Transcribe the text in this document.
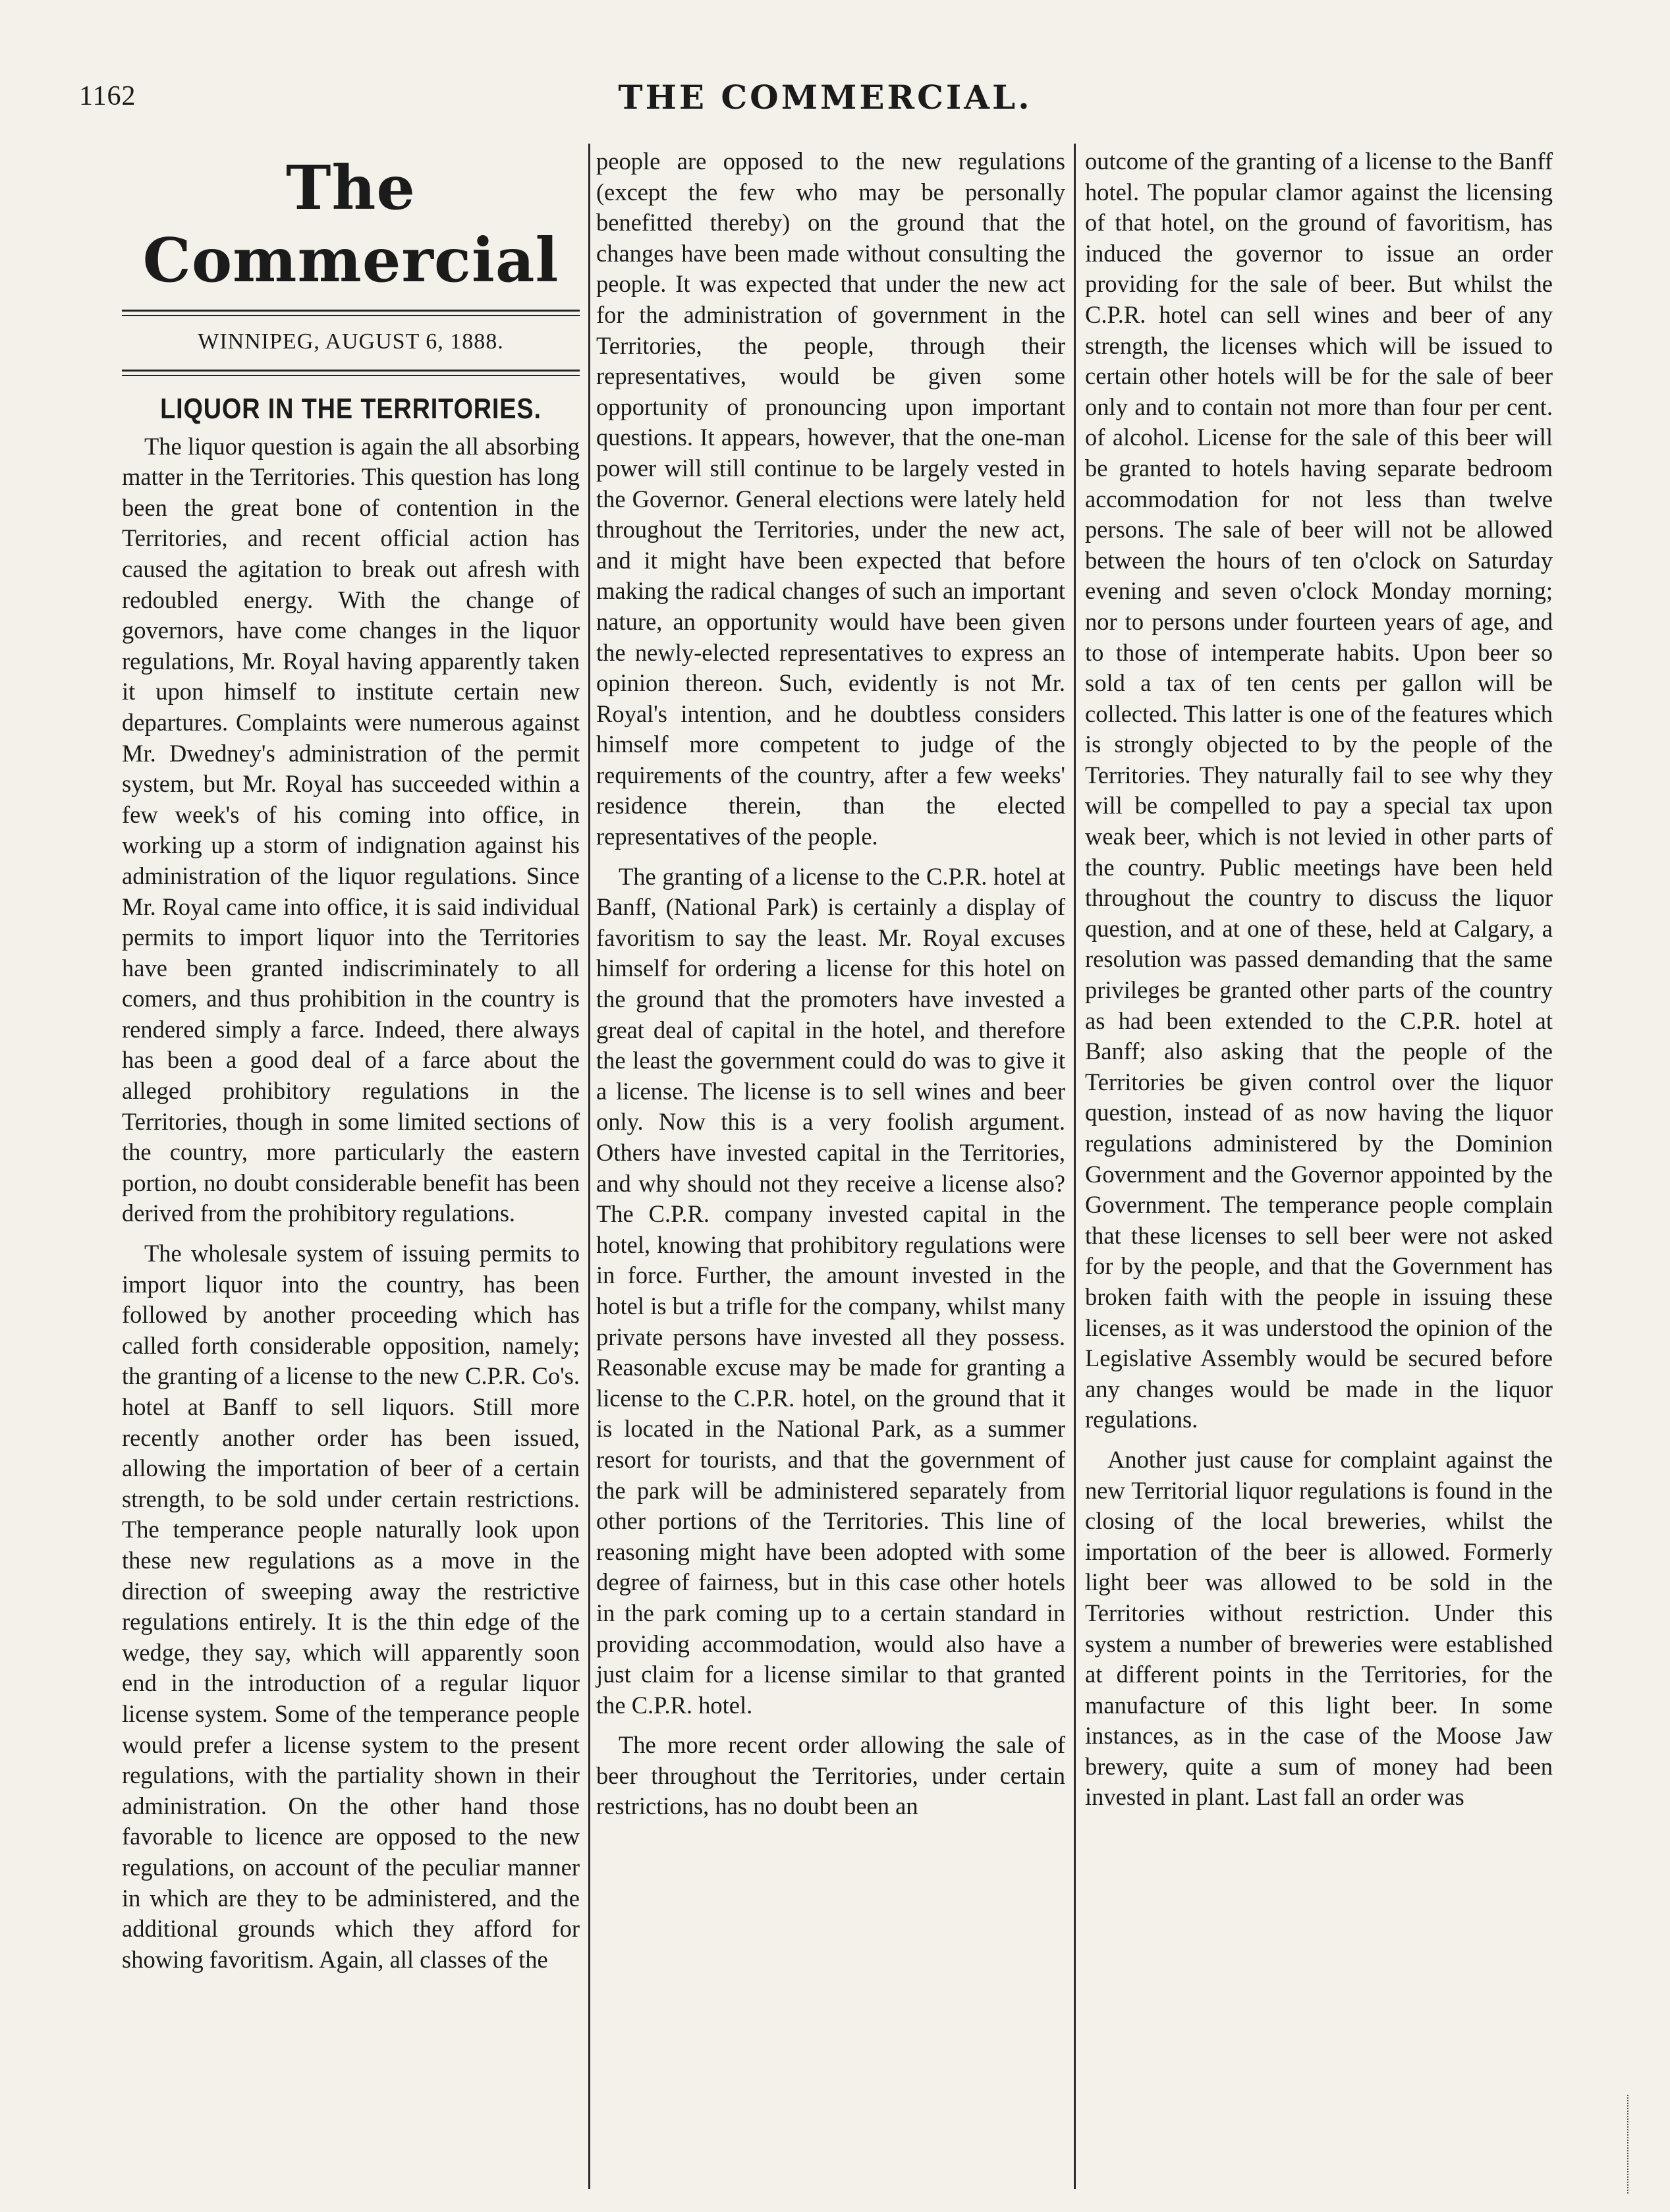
1162	THE COMMERCIAL.
The Commercial
WINNIPEG, AUGUST 6, 1888.
LIQUOR IN THE TERRITORIES.

The liquor question is again the all absorbing matter in the Territories. This question has long been the great bone of contention in the Territories, and recent official action has caused the agitation to break out afresh with redoubled energy. With the change of governors, have come changes in the liquor regulations, Mr. Royal having apparently taken it upon himself to institute certain new departures. Complaints were numerous against Mr. Dwedney's administration of the permit system, but Mr. Royal has succeeded within a few week's of his coming into office, in working up a storm of indignation against his administration of the liquor regulations. Since Mr. Royal came into office, it is said individual permits to import liquor into the Territories have been granted indiscriminately to all comers, and thus prohibition in the country is rendered simply a farce. Indeed, there always has been a good deal of a farce about the alleged prohibitory regulations in the Territories, though in some limited sections of the country, more particularly the eastern portion, no doubt considerable benefit has been derived from the prohibitory regulations.

The wholesale system of issuing permits to import liquor into the country, has been followed by another proceeding which has called forth considerable opposition, namely; the granting of a license to the new C.P.R. Co's. hotel at Banff to sell liquors. Still more recently another order has been issued, allowing the importation of beer of a certain strength, to be sold under certain restrictions. The temperance people naturally look upon these new regulations as a move in the direction of sweeping away the restrictive regulations entirely. It is the thin edge of the wedge, they say, which will apparently soon end in the introduction of a regular liquor license system. Some of the temperance people would prefer a license system to the present regulations, with the partiality shown in their administration. On the other hand those favorable to licence are opposed to the new regulations, on account of the peculiar manner in which are they to be administered, and the additional grounds which they afford for showing favoritism. Again, all classes of the

people are opposed to the new regulations (except the few who may be personally benefitted thereby) on the ground that the changes have been made without consulting the people. It was expected that under the new act for the administration of government in the Territories, the people, through their representatives, would be given some opportunity of pronouncing upon important questions. It appears, however, that the one-man power will still continue to be largely vested in the Governor. General elections were lately held throughout the Territories, under the new act, and it might have been expected that before making the radical changes of such an important nature, an opportunity would have been given the newly-elected representatives to express an opinion thereon. Such, evidently is not Mr. Royal's intention, and he doubtless considers himself more competent to judge of the requirements of the country, after a few weeks' residence therein, than the elected representatives of the people.

The granting of a license to the C.P.R. hotel at Banff, (National Park) is certainly a display of favoritism to say the least. Mr. Royal excuses himself for ordering a license for this hotel on the ground that the promoters have invested a great deal of capital in the hotel, and therefore the least the government could do was to give it a license. The license is to sell wines and beer only. Now this is a very foolish argument. Others have invested capital in the Territories, and why should not they receive a license also? The C.P.R. company invested capital in the hotel, knowing that prohibitory regulations were in force. Further, the amount invested in the hotel is but a trifle for the company, whilst many private persons have invested all they possess. Reasonable excuse may be made for granting a license to the C.P.R. hotel, on the ground that it is located in the National Park, as a summer resort for tourists, and that the government of the park will be administered separately from other portions of the Territories. This line of reasoning might have been adopted with some degree of fairness, but in this case other hotels in the park coming up to a certain standard in providing accommodation, would also have a just claim for a license similar to that granted the C.P.R. hotel.

The more recent order allowing the sale of beer throughout the Territories, under certain restrictions, has no doubt been an

outcome of the granting of a license to the Banff hotel. The popular clamor against the licensing of that hotel, on the ground of favoritism, has induced the governor to issue an order providing for the sale of beer. But whilst the C.P.R. hotel can sell wines and beer of any strength, the licenses which will be issued to certain other hotels will be for the sale of beer only and to contain not more than four per cent. of alcohol. License for the sale of this beer will be granted to hotels having separate bedroom accommodation for not less than twelve persons. The sale of beer will not be allowed between the hours of ten o'clock on Saturday evening and seven o'clock Monday morning; nor to persons under fourteen years of age, and to those of intemperate habits. Upon beer so sold a tax of ten cents per gallon will be collected. This latter is one of the features which is strongly objected to by the people of the Territories. They naturally fail to see why they will be compelled to pay a special tax upon weak beer, which is not levied in other parts of the country. Public meetings have been held throughout the country to discuss the liquor question, and at one of these, held at Calgary, a resolution was passed demanding that the same privileges be granted other parts of the country as had been extended to the C.P.R. hotel at Banff; also asking that the people of the Territories be given control over the liquor question, instead of as now having the liquor regulations administered by the Dominion Government and the Governor appointed by the Government. The temperance people complain that these licenses to sell beer were not asked for by the people, and that the Government has broken faith with the people in issuing these licenses, as it was understood the opinion of the Legislative Assembly would be secured before any changes would be made in the liquor regulations.

Another just cause for complaint against the new Territorial liquor regulations is found in the closing of the local breweries, whilst the importation of the beer is allowed. Formerly light beer was allowed to be sold in the Territories without restriction. Under this system a number of breweries were established at different points in the Territories, for the manufacture of this light beer. In some instances, as in the case of the Moose Jaw brewery, quite a sum of money had been invested in plant. Last fall an order was
